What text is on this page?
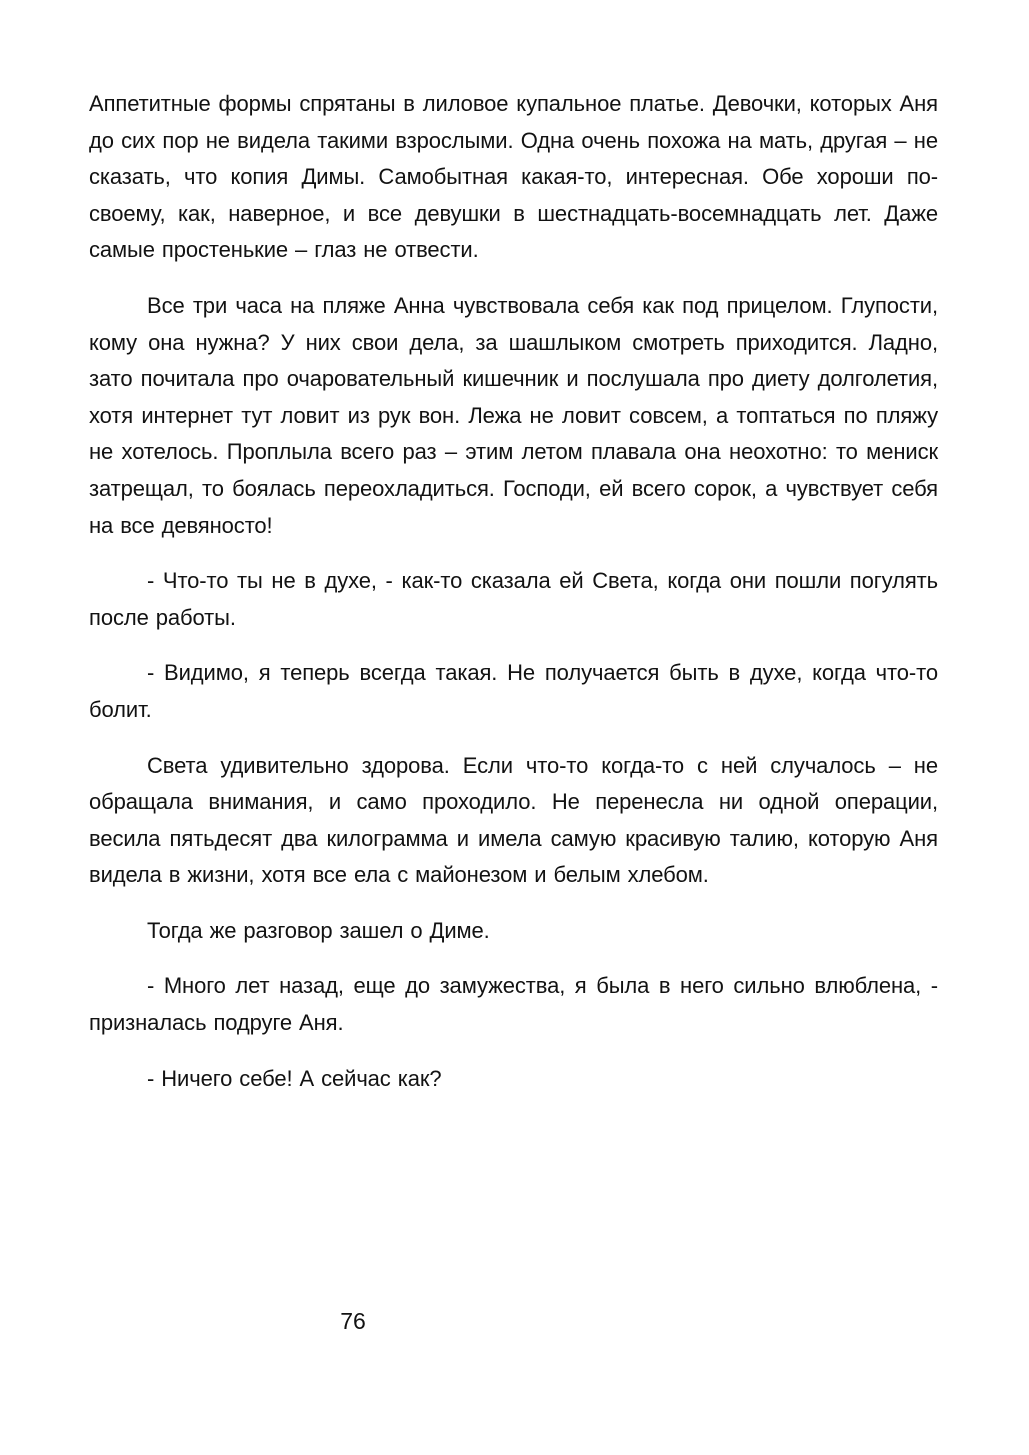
Аппетитные формы спрятаны в лиловое купальное платье. Девочки, которых Аня до сих пор не видела такими взрослыми. Одна очень похожа на мать, другая – не сказать, что копия Димы. Самобытная какая-то, интересная. Обе хороши по-своему, как, наверное, и все девушки в шестнадцать-восемнадцать лет. Даже самые простенькие – глаз не отвести.

Все три часа на пляже Анна чувствовала себя как под прицелом. Глупости, кому она нужна? У них свои дела, за шашлыком смотреть приходится. Ладно, зато почитала про очаровательный кишечник и послушала про диету долголетия, хотя интернет тут ловит из рук вон. Лежа не ловит совсем, а топтаться по пляжу не хотелось. Проплыла всего раз – этим летом плавала она неохотно: то мениск затрещал, то боялась переохладиться. Господи, ей всего сорок, а чувствует себя на все девяносто!

- Что-то ты не в духе, - как-то сказала ей Света, когда они пошли погулять после работы.

- Видимо, я теперь всегда такая. Не получается быть в духе, когда что-то болит.

Света удивительно здорова. Если что-то когда-то с ней случалось – не обращала внимания, и само проходило. Не перенесла ни одной операции, весила пятьдесят два килограмма и имела самую красивую талию, которую Аня видела в жизни, хотя все ела с майонезом и белым хлебом.

Тогда же разговор зашел о Диме.

- Много лет назад, еще до замужества, я была в него сильно влюблена, - призналась подруге Аня.

- Ничего себе! А сейчас как?

76
